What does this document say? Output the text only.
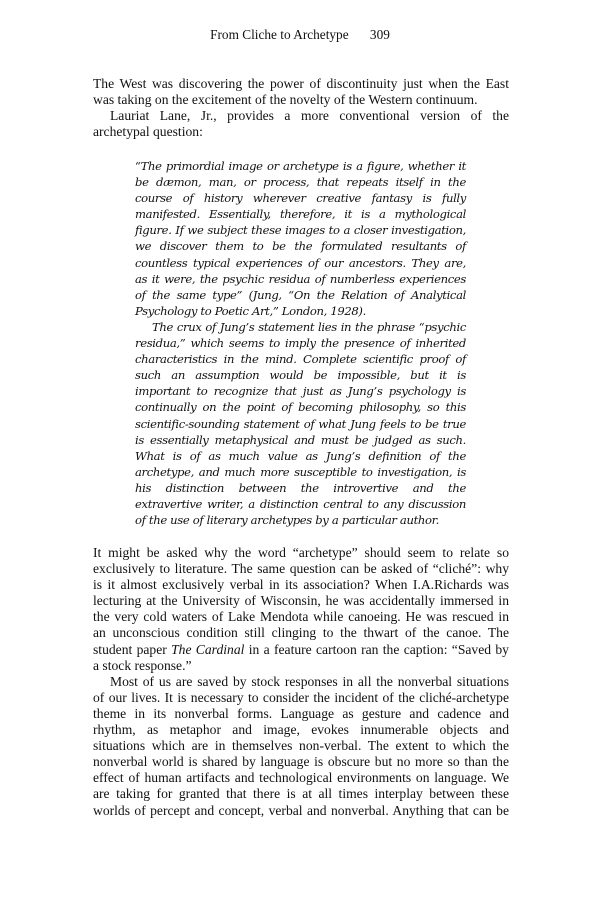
From Cliche to Archetype 309

The West was discovering the power of discontinuity just when the East
was taking on the excitement of the novelty of the Western continuum.

Lauriat Lane, Jr., provides a more conventional version of the
archetypal question:

“The primordial image or archetype is a figure, whether it
be dæmon, man, or process, that repeats itself in the
course of history wherever creative fantasy is fully
manifested. Essentially, therefore, it is a mythological
figure. If we subject these images to a closer investigation,
we discover them to be the formulated resultants of
countless typical experiences of our ancestors. They are,
as it were, the psychic residua of numberless experiences
of the same type” (Jung, “On the Relation of Analytical
Psychology to Poetic Art,” London, 1928).

The crux of Jung’s statement lies in the phrase “psychic
residua,” which seems to imply the presence of inherited
characteristics in the mind. Complete scientific proof of
such an assumption would be impossible, but it is
important to recognize that just as Jung’s psychology is
continually on the point of becoming philosophy, so this
scientific-sounding statement of what Jung feels to be true
is essentially metaphysical and must be judged as such.
What is of as much value as Jung’s definition of the
archetype, and much more susceptible to investigation, is
his distinction between the introvertive and the
extravertive writer, a distinction central to any discussion
of the use of literary archetypes by a particular author.

It might be asked why the word “archetype” should seem to relate so
exclusively to literature. The same question can be asked of “cliché”: why
is it almost exclusively verbal in its association? When I.A.Richards was
lecturing at the University of Wisconsin, he was accidentally immersed in
the very cold waters of Lake Mendota while canoeing. He was rescued in
an unconscious condition still clinging to the thwart of the canoe. The
student paper The Cardinal in a feature cartoon ran the caption: “Saved by
a stock response.”

Most of us are saved by stock responses in all the nonverbal situations
of our lives. It is necessary to consider the incident of the cliché-archetype
theme in its nonverbal forms. Language as gesture and cadence and
rhythm, as metaphor and image, evokes innumerable objects and
situations which are in themselves non-verbal. The extent to which the
nonverbal world is shared by language is obscure but no more so than the
effect of human artifacts and technological environments on language. We
are taking for granted that there is at all times interplay between these
worlds of percept and concept, verbal and nonverbal. Anything that can be
